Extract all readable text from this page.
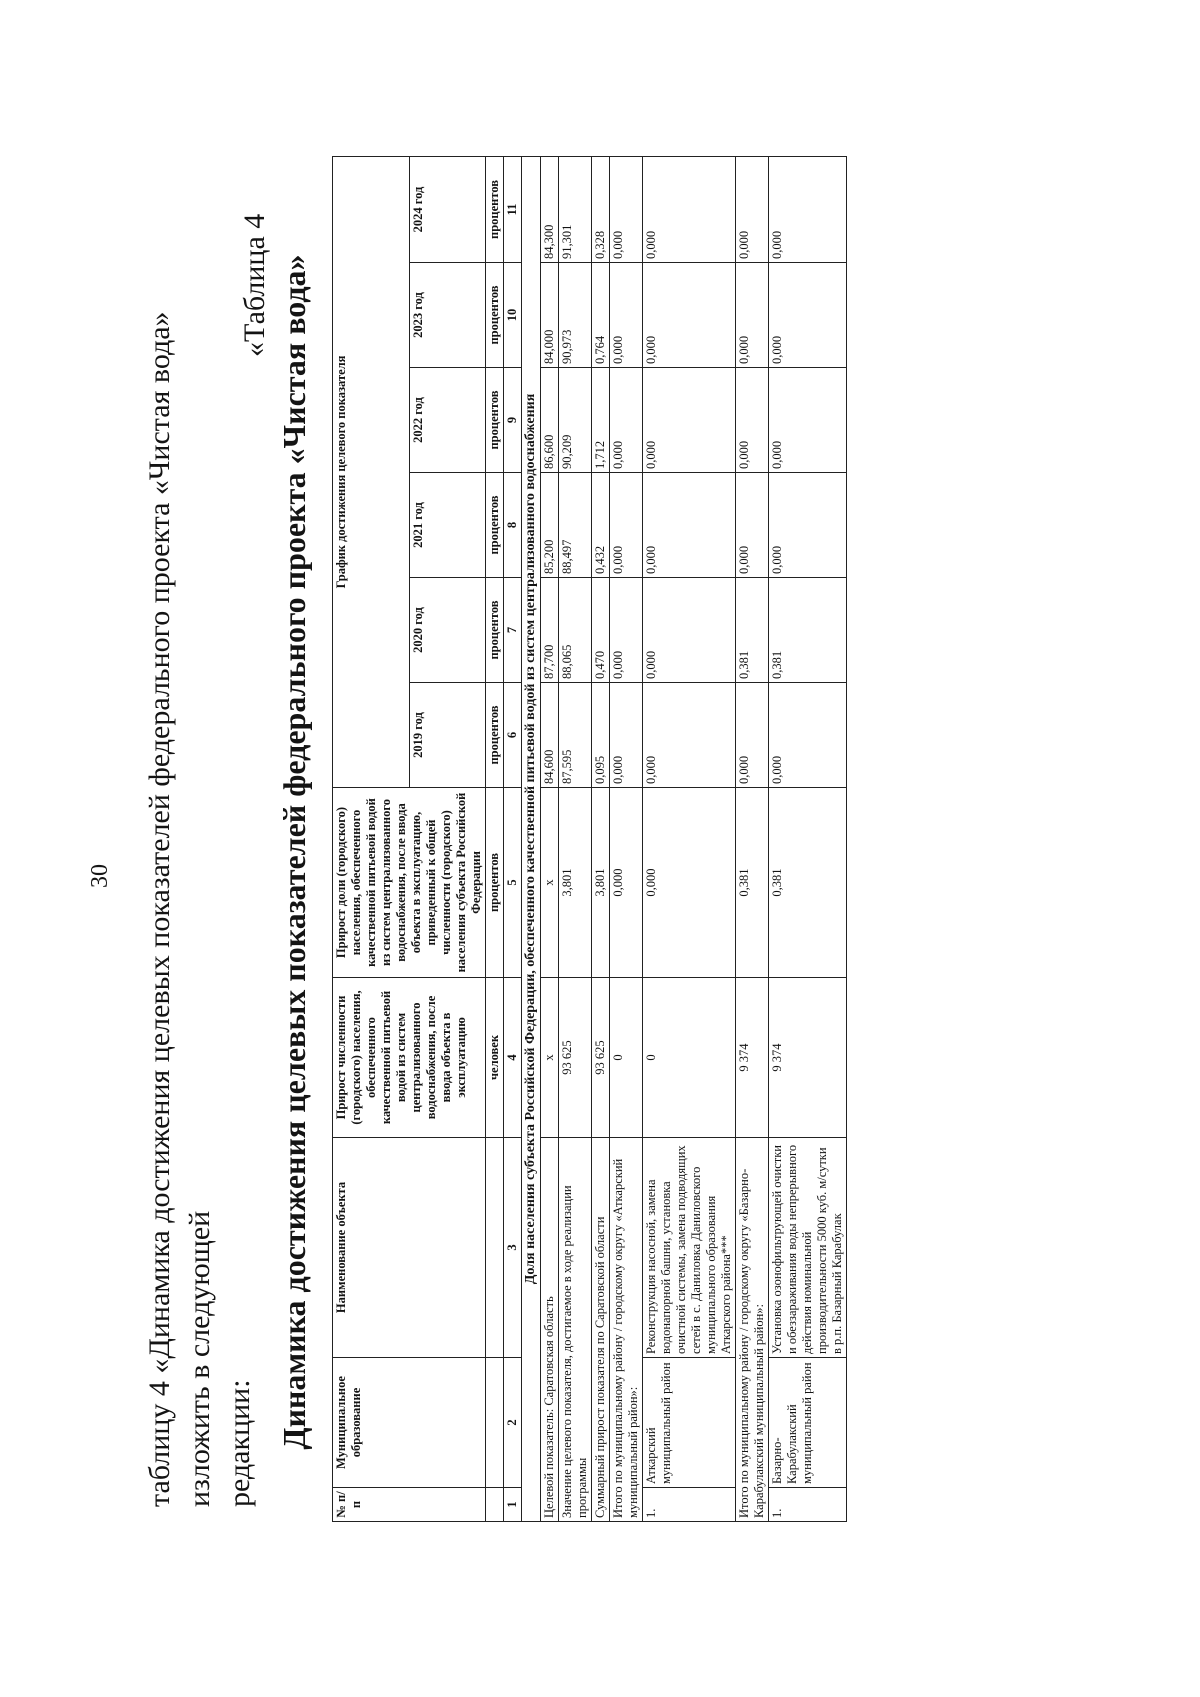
30 таблицу 4 «Динамика достижения целевых показателей федерального проекта «Чистая вода» изложить в следующей редакции:
«Таблица 4 Динамика достижения целевых показателей федерального проекта «Чистая вода»
№ п/п	Муниципальное образование	Наименование объекта	Прирост численности (городского) населения, обеспеченного качественной питьевой водой из систем централизованного водоснабжения, после ввода объекта в эксплуатацию	Прирост доли (городского) населения, обеспеченного качественной питьевой водой из систем централизованного водоснабжения, после ввода объекта в эксплуатацию, приведенный к общей численности (городского) населения субъекта Российской Федерации	График достижения целевого показателя					
					2019 год	2020 год	2021 год	2022 год	2023 год	2024 год
			человек	процентов	процентов	процентов	процентов	процентов	процентов	процентов
1	2	3	4	5	6	7	8	9	10	11
Доля населения субъекта Российской Федерации, обеспеченного качественной питьевой водой из систем централизованного водоснабжения										
Целевой показатель: Саратовская область			х	х	84,600	87,700	85,200	86,600	84,000	84,300
Значение целевого показателя, достигаемое в ходе реализации программы			93 625	3,801	87,595	88,065	88,497	90,209	90,973	91,301
Суммарный прирост показателя по Саратовской области			93 625	3,801	0,095	0,470	0,432	1,712	0,764	0,328
Итого по муниципальному району / городскому округу «Аткарский муниципальный район»:			0	0,000	0,000	0,000	0,000	0,000	0,000	0,000
1.	Аткарский муниципальный район	Реконструкция насосной, замена водонапорной башни, установка очистной системы, замена подводящих сетей в с. Даниловка Даниловского муниципального образования Аткарского района***	0	0,000	0,000	0,000	0,000	0,000	0,000	0,000
Итого по муниципальному району / городскому округу «Базарно-Карабулакский муниципальный район»:			9 374	0,381	0,000	0,381	0,000	0,000	0,000	0,000
1.	Базарно-Карабулакский муниципальный район	Установка озонофильтрующей очистки и обеззараживания воды непрерывного действия номинальной производительности 5000 куб. м/сутки в р.п. Базарный Карабулак	9 374	0,381	0,000	0,381	0,000	0,000	0,000	0,000
